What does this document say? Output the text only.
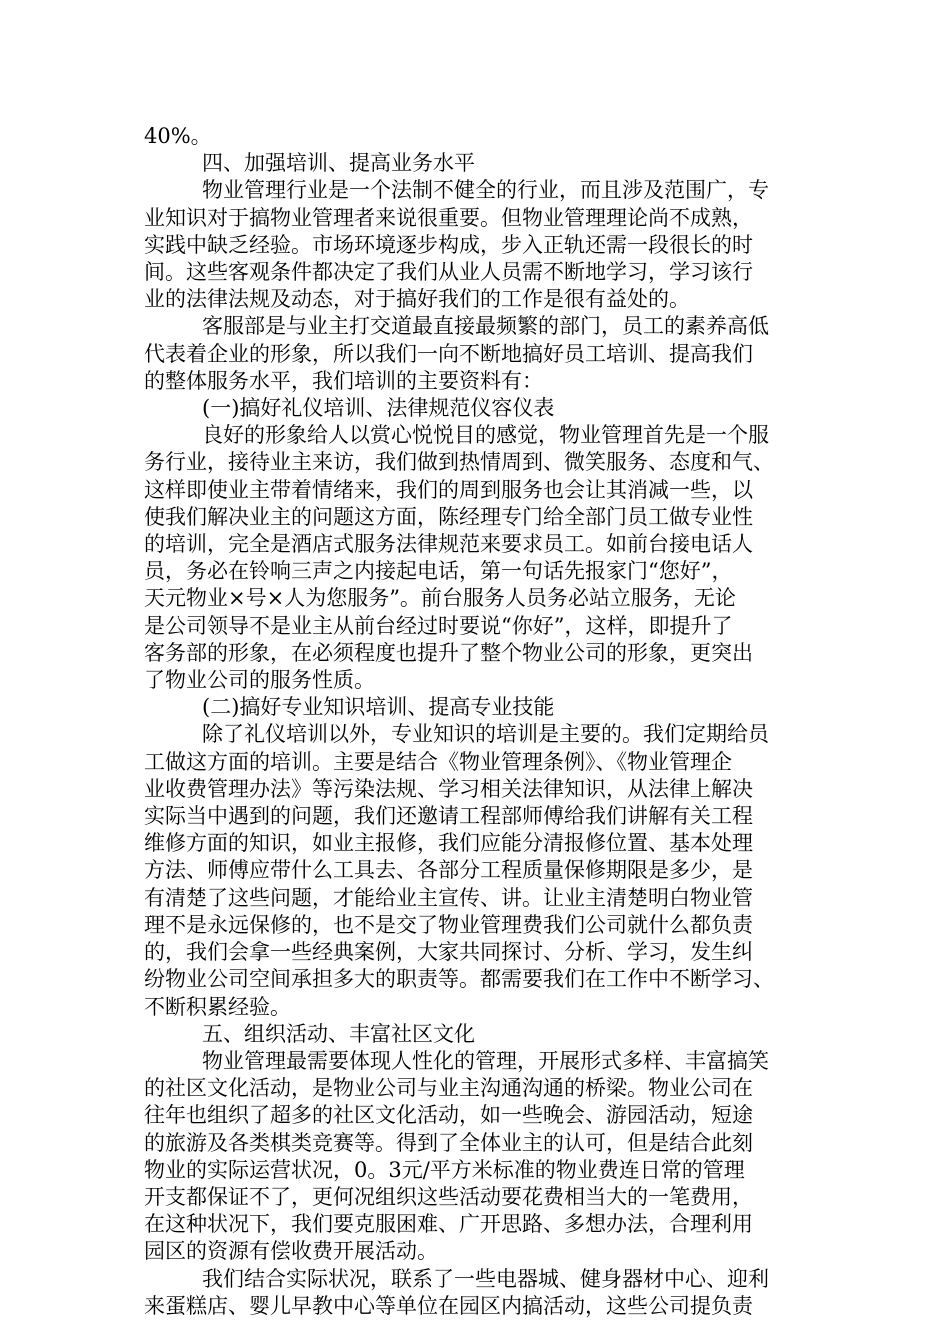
40%。
四、加强培训、提高业务水平
物业管理行业是一个法制不健全的行业，而且涉及范围广，专
业知识对于搞物业管理者来说很重要。但物业管理理论尚不成熟，
实践中缺乏经验。市场环境逐步构成，步入正轨还需一段很长的时
间。这些客观条件都决定了我们从业人员需不断地学习，学习该行
业的法律法规及动态，对于搞好我们的工作是很有益处的。
客服部是与业主打交道最直接最频繁的部门，员工的素养高低
代表着企业的形象，所以我们一向不断地搞好员工培训、提高我们
的整体服务水平，我们培训的主要资料有：
(一)搞好礼仪培训、法律规范仪容仪表
良好的形象给人以赏心悦悦目的感觉，物业管理首先是一个服
务行业，接待业主来访，我们做到热情周到、微笑服务、态度和气、
这样即使业主带着情绪来，我们的周到服务也会让其消减一些，以
使我们解决业主的问题这方面，陈经理专门给全部门员工做专业性
的培训，完全是酒店式服务法律规范来要求员工。如前台接电话人
员，务必在铃响三声之内接起电话，第一句话先报家门“您好”，
天元物业×号×人为您服务”。前台服务人员务必站立服务，无论
是公司领导不是业主从前台经过时要说“你好”，这样，即提升了
客务部的形象，在必须程度也提升了整个物业公司的形象，更突出
了物业公司的服务性质。
(二)搞好专业知识培训、提高专业技能
除了礼仪培训以外，专业知识的培训是主要的。我们定期给员
工做这方面的培训。主要是结合《物业管理条例》、《物业管理企
业收费管理办法》等污染法规、学习相关法律知识，从法律上解决
实际当中遇到的问题，我们还邀请工程部师傅给我们讲解有关工程
维修方面的知识，如业主报修，我们应能分清报修位置、基本处理
方法、师傅应带什么工具去、各部分工程质量保修期限是多少，是
有清楚了这些问题，才能给业主宣传、讲。让业主清楚明白物业管
理不是永远保修的，也不是交了物业管理费我们公司就什么都负责
的，我们会拿一些经典案例，大家共同探讨、分析、学习，发生纠
纷物业公司空间承担多大的职责等。都需要我们在工作中不断学习、
不断积累经验。
五、组织活动、丰富社区文化
物业管理最需要体现人性化的管理，开展形式多样、丰富搞笑
的社区文化活动，是物业公司与业主沟通沟通的桥梁。物业公司在
往年也组织了超多的社区文化活动，如一些晚会、游园活动，短途
的旅游及各类棋类竞赛等。得到了全体业主的认可，但是结合此刻
物业的实际运营状况，0。3元/平方米标准的物业费连日常的管理
开支都保证不了，更何况组织这些活动要花费相当大的一笔费用，
在这种状况下，我们要克服困难、广开思路、多想办法，合理利用
园区的资源有偿收费开展活动。
我们结合实际状况，联系了一些电器城、健身器材中心、迎利
来蛋糕店、婴儿早教中心等单位在园区内搞活动，这些公司提负责
